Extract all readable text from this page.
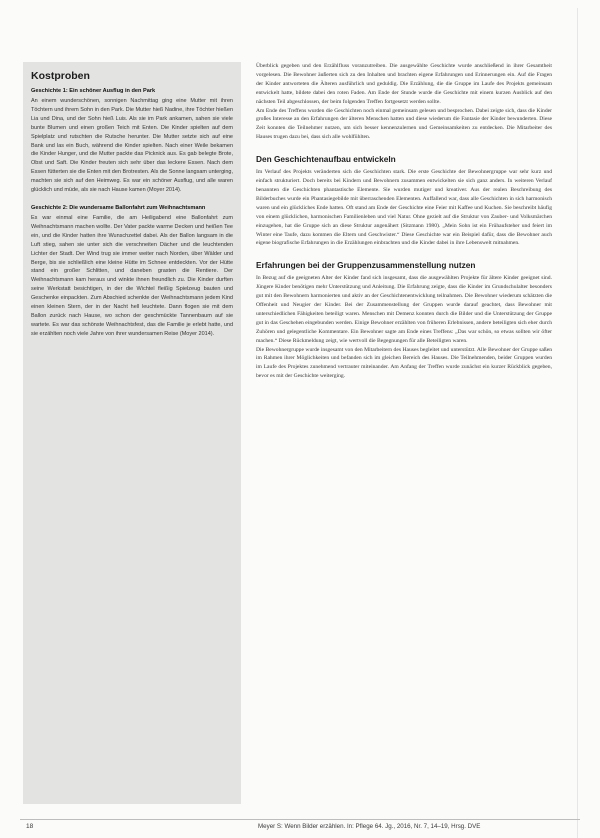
Kostproben
Geschichte 1: Ein schöner Ausflug in den Park
An einem wunderschönen, sonnigen Nachmittag ging eine Mutter mit ihren Töchtern und ihrem Sohn in den Park. Die Mutter hieß Nadine, ihre Töchter hießen Lia und Dina, und der Sohn hieß Luis. Als sie im Park ankamen, sahen sie viele bunte Blumen und einen großen Teich mit Enten. Die Kinder spielten auf dem Spielplatz und rutschten die Rutsche herunter. Die Mutter setzte sich auf eine Bank und las ein Buch, während die Kinder spielten. Nach einer Weile bekamen die Kinder Hunger, und die Mutter packte das Picknick aus. Es gab belegte Brote, Obst und Saft. Die Kinder freuten sich sehr über das leckere Essen. Nach dem Essen fütterten sie die Enten mit den Brotresten. Als die Sonne langsam unterging, machten sie sich auf den Heimweg. Es war ein schöner Ausflug, und alle waren glücklich und müde, als sie nach Hause kamen (Moyer 2014).
Geschichte 2: Die wundersame Ballonfahrt zum Weihnachtsmann
Es war einmal eine Familie, die am Heiligabend eine Ballonfahrt zum Weihnachtsmann machen wollte. Der Vater packte warme Decken und heißen Tee ein, und die Kinder hatten ihre Wunschzettel dabei. Als der Ballon langsam in die Luft stieg, sahen sie unter sich die verschneiten Dächer und die leuchtenden Lichter der Stadt. Der Wind trug sie immer weiter nach Norden, über Wälder und Berge, bis sie schließlich eine kleine Hütte im Schnee entdeckten. Vor der Hütte stand ein großer Schlitten, und daneben grasten die Rentiere. Der Weihnachtsmann kam heraus und winkte ihnen freundlich zu. Die Kinder durften seine Werkstatt besichtigen, in der die Wichtel fleißig Spielzeug bauten und Geschenke einpackten. Zum Abschied schenkte der Weihnachtsmann jedem Kind einen kleinen Stern, der in der Nacht hell leuchtete. Dann flogen sie mit dem Ballon zurück nach Hause, wo schon der geschmückte Tannenbaum auf sie wartete. Es war das schönste Weihnachtsfest, das die Familie je erlebt hatte, und sie erzählten noch viele Jahre von ihrer wundersamen Reise (Moyer 2014).

Überblick gegeben und den Erzählfluss voranzutreiben. Die ausgewählte Geschichte wurde anschließend in ihrer Gesamtheit vorgelesen. Die Bewohner äußerten sich zu den Inhalten und brachten eigene Erfahrungen und Erinnerungen ein. Auf die Fragen der Kinder antworteten die Älteren ausführlich und geduldig. Die Erzählung, die die Gruppe im Laufe des Projekts gemeinsam entwickelt hatte, bildete dabei den roten Faden. Am Ende der Stunde wurde die Geschichte mit einem kurzen Ausblick auf den nächsten Teil abgeschlossen, der beim folgenden Treffen fortgesetzt werden sollte.

Am Ende des Treffens wurden die Geschichten noch einmal gemeinsam gelesen und besprochen. Dabei zeigte sich, dass die Kinder großes Interesse an den Erfahrungen der älteren Menschen hatten und diese wiederum die Fantasie der Kinder bewunderten. Diese Zeit konnten die Teilnehmer nutzen, um sich besser kennenzulernen und Gemeinsamkeiten zu entdecken. Die Mitarbeiter des Hauses trugen dazu bei, dass sich alle wohlfühlten.

Den Geschichtenaufbau entwickeln

Im Verlauf des Projekts veränderten sich die Geschichten stark. Die erste Geschichte der Bewohnergruppe war sehr kurz und einfach strukturiert. Doch bereits bei Kindern und Bewohnern zusammen entwickelten sie sich ganz anders. In weiteren Verlauf benannten die Geschichten phantastische Elemente. Sie wurden mutiger und kreativer. Aus der realen Beschreibung des Bilderbuches wurde ein Phantasiegebilde mit überraschenden Elementen. Auffallend war, dass alle Geschichten in sich harmonisch waren und ein glückliches Ende hatten. Oft stand am Ende der Geschichte eine Feier mit Kaffee und Kuchen. Sie beschreibt häufig von einem glücklichen, harmonischen Familienleben und viel Natur. Ohne gezielt auf die Struktur von Zauber- und Volksmärchen einzugehen, hat die Gruppe sich an diese Struktur angenähert (Sitzmann 1980). „Mein Sohn ist ein Frühaufsteher und feiert im Winter eine Taufe, dazu kommen die Eltern und Geschwister.“ Diese Geschichte war ein Beispiel dafür, dass die Bewohner auch eigene biografische Erfahrungen in die Erzählungen einbrachten und die Kinder dabei in ihre Lebenswelt mitnahmen.

Erfahrungen bei der Gruppenzusammenstellung nutzen

In Bezug auf die geeigneten Alter der Kinder fand sich insgesamt, dass die ausgewählten Projekte für ältere Kinder geeignet sind. Jüngere Kinder benötigen mehr Unterstützung und Anleitung. Die Erfahrung zeigte, dass die Kinder im Grundschulalter besonders gut mit den Bewohnern harmonierten und aktiv an der Geschichtenentwicklung teilnahmen. Die Bewohner wiederum schätzten die Offenheit und Neugier der Kinder. Bei der Zusammenstellung der Gruppen wurde darauf geachtet, dass Bewohner mit unterschiedlichen Fähigkeiten beteiligt waren. Menschen mit Demenz konnten durch die Bilder und die Unterstützung der Gruppe gut in das Geschehen eingebunden werden. Einige Bewohner erzählten von früheren Erlebnissen, andere beteiligten sich eher durch Zuhören und gelegentliche Kommentare. Ein Bewohner sagte am Ende eines Treffens: „Das war schön, so etwas sollten wir öfter machen.“ Diese Rückmeldung zeigt, wie wertvoll die Begegnungen für alle Beteiligten waren.

Die Bewohnergruppe wurde insgesamt von den Mitarbeitern des Hauses begleitet und unterstützt. Alle Bewohner der Gruppe saßen im Rahmen ihrer Möglichkeiten und befanden sich im gleichen Bereich des Hauses. Die Teilnehmenden, beider Gruppen wurden im Laufe des Projektes zunehmend vertrauter miteinander. Am Anfang der Treffen wurde zunächst ein kurzer Rückblick gegeben, bevor es mit der Geschichte weiterging.

18	Meyer S: Wenn Bilder erzählen. In: Pflege 64. Jg., 2016, Nr. 7, 14–19, Hrsg. DVE
